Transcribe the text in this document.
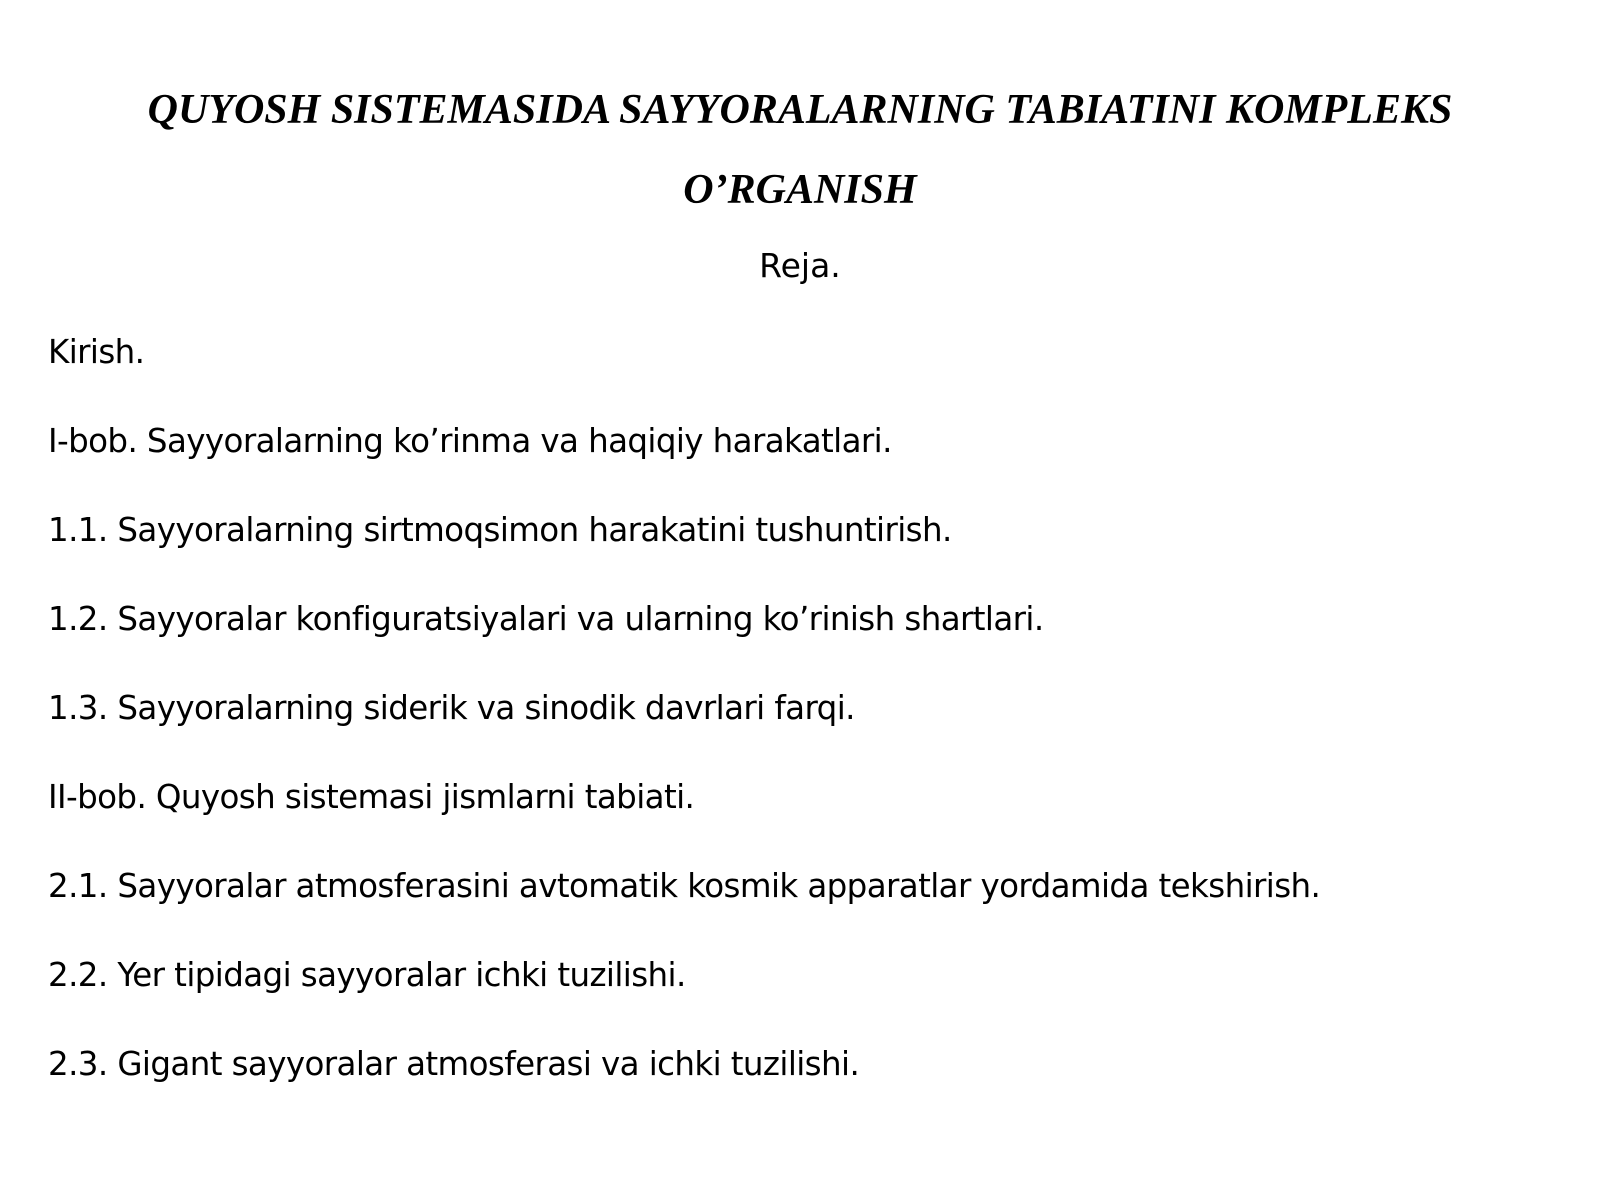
QUYOSH SISTEMASIDA SAYYORALARNING TABIATINI KOMPLEKS
O’RGANISH

Reja.

Kirish.
I-bob. Sayyoralarning ko’rinma va haqiqiy harakatlari.
1.1. Sayyoralarning sirtmoqsimon harakatini tushuntirish.
1.2. Sayyoralar konfiguratsiyalari va ularning ko’rinish shartlari.
1.3. Sayyoralarning siderik va sinodik davrlari farqi.
II-bob. Quyosh sistemasi jismlarni tabiati.
2.1. Sayyoralar atmosferasini avtomatik kosmik apparatlar yordamida tekshirish.
2.2. Yer tipidagi sayyoralar ichki tuzilishi.
2.3. Gigant sayyoralar atmosferasi va ichki tuzilishi.
